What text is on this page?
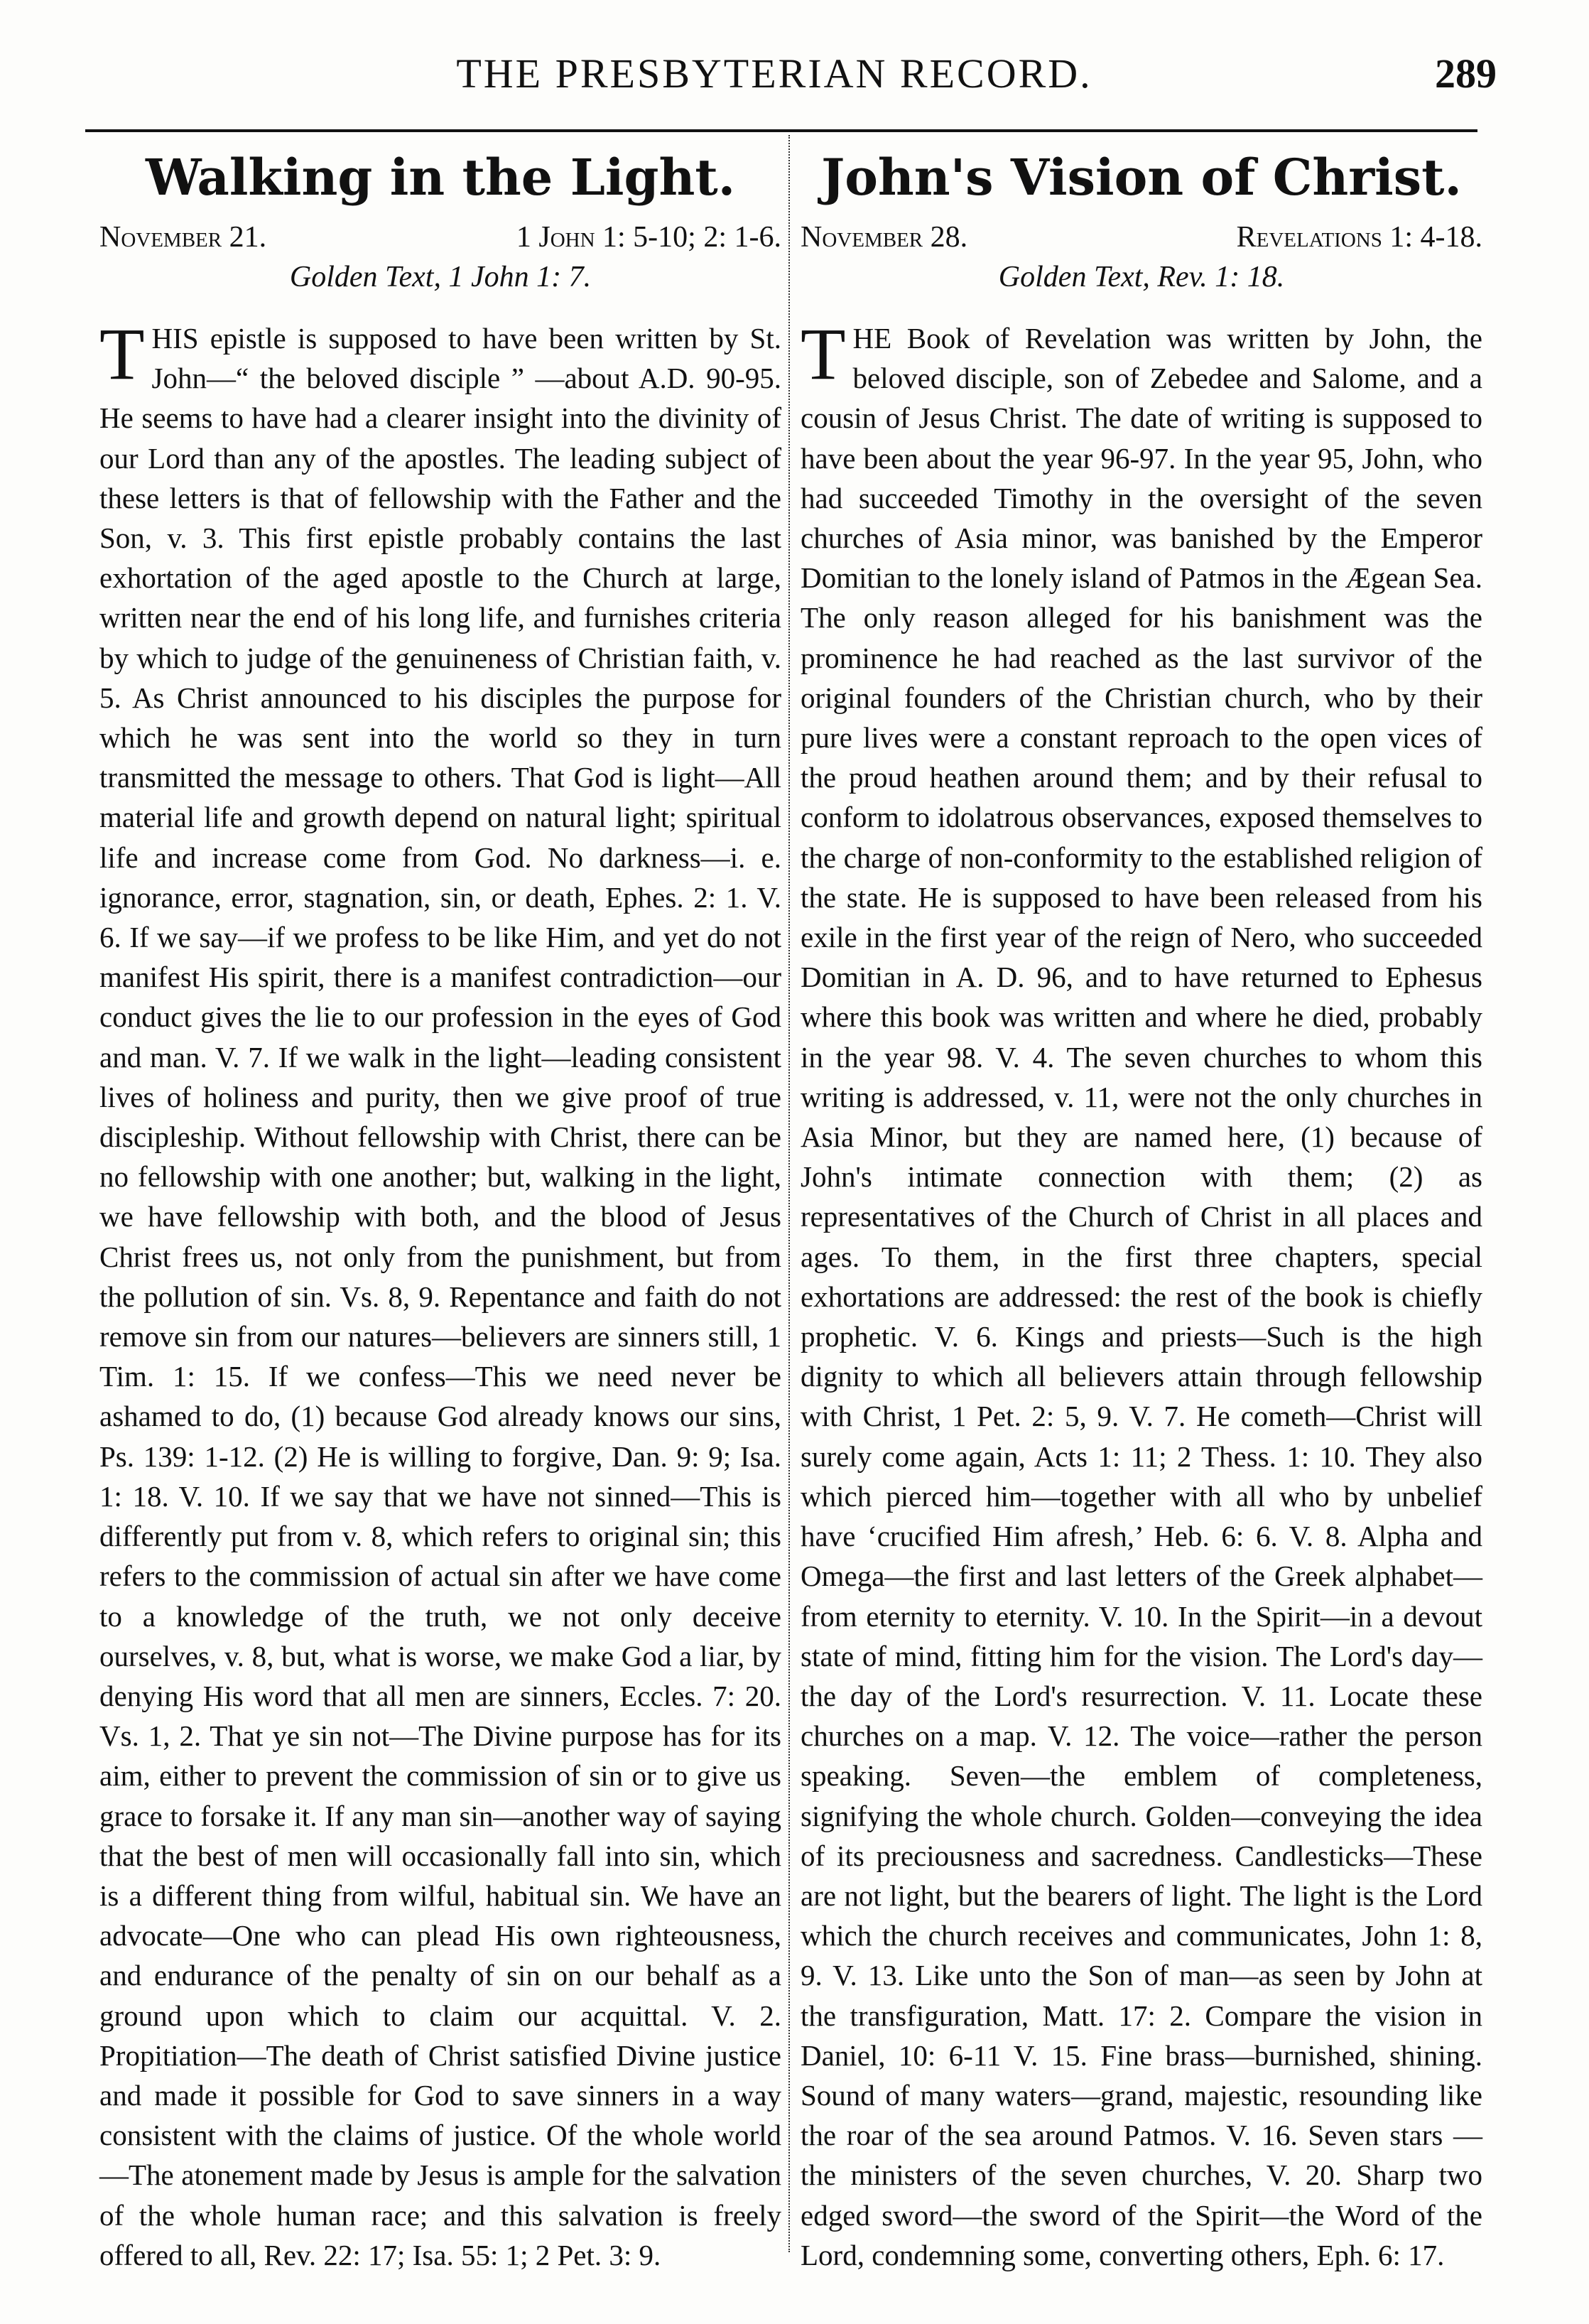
THE PRESBYTERIAN RECORD.	289
Walking in the Light.
November 21.	1 John 1: 5-10; 2: 1-6.
Golden Text, 1 John 1: 7.
T HIS epistle is supposed to have been written by St. John—“ the beloved disciple ” —about A.D. 90-95. He seems to have had a clearer insight into the divinity of our Lord than any of the apostles. The leading subject of these letters is that of fellowship with the Father and the Son, v. 3. This first epistle probably contains the last exhortation of the aged apostle to the Church at large, written near the end of his long life, and furnishes criteria by which to judge of the genuineness of Christian faith, v. 5. As Christ announced to his disciples the purpose for which he was sent into the world so they in turn transmitted the message to others. That God is light—All material life and growth depend on natural light; spiritual life and increase come from God. No darkness—i. e. ignorance, error, stagnation, sin, or death, Ephes. 2: 1. V. 6. If we say—if we profess to be like Him, and yet do not manifest His spirit, there is a manifest contradiction—our conduct gives the lie to our profession in the eyes of God and man. V. 7. If we walk in the light—leading consistent lives of holiness and purity, then we give proof of true discipleship. Without fellowship with Christ, there can be no fellowship with one another; but, walking in the light, we have fellowship with both, and the blood of Jesus Christ frees us, not only from the punishment, but from the pollution of sin. Vs. 8, 9. Repentance and faith do not remove sin from our natures—believers are sinners still, 1 Tim. 1: 15. If we confess—This we need never be ashamed to do, (1) because God already knows our sins, Ps. 139: 1-12. (2) He is willing to forgive, Dan. 9: 9; Isa. 1: 18. V. 10. If we say that we have not sinned—This is differently put from v. 8, which refers to original sin; this refers to the commission of actual sin after we have come to a knowledge of the truth, we not only deceive ourselves, v. 8, but, what is worse, we make God a liar, by denying His word that all men are sinners, Eccles. 7: 20. Vs. 1, 2. That ye sin not—The Divine purpose has for its aim, either to prevent the commission of sin or to give us grace to forsake it. If any man sin—another way of saying that the best of men will occasionally fall into sin, which is a different thing from wilful, habitual sin. We have an advocate—One who can plead His own righteousness, and endurance of the penalty of sin on our behalf as a ground upon which to claim our acquittal. V. 2. Propitiation—The death of Christ satisfied Divine justice and made it possible for God to save sinners in a way consistent with the claims of justice. Of the whole world—The atonement made by Jesus is ample for the salvation of the whole human race; and this salvation is freely offered to all, Rev. 22: 17; Isa. 55: 1; 2 Pet. 3: 9.
John's Vision of Christ.
November 28.	Revelations 1: 4-18.
Golden Text, Rev. 1: 18.
T HE Book of Revelation was written by John, the beloved disciple, son of Zebedee and Salome, and a cousin of Jesus Christ. The date of writing is supposed to have been about the year 96-97. In the year 95, John, who had succeeded Timothy in the oversight of the seven churches of Asia minor, was banished by the Emperor Domitian to the lonely island of Patmos in the Ægean Sea. The only reason alleged for his banishment was the prominence he had reached as the last survivor of the original founders of the Christian church, who by their pure lives were a constant reproach to the open vices of the proud heathen around them; and by their refusal to conform to idolatrous observances, exposed themselves to the charge of non-conformity to the established religion of the state. He is supposed to have been released from his exile in the first year of the reign of Nero, who succeeded Domitian in A. D. 96, and to have returned to Ephesus where this book was written and where he died, probably in the year 98. V. 4. The seven churches to whom this writing is addressed, v. 11, were not the only churches in Asia Minor, but they are named here, (1) because of John's intimate connection with them; (2) as representatives of the Church of Christ in all places and ages. To them, in the first three chapters, special exhortations are addressed: the rest of the book is chiefly prophetic. V. 6. Kings and priests—Such is the high dignity to which all believers attain through fellowship with Christ, 1 Pet. 2: 5, 9. V. 7. He cometh—Christ will surely come again, Acts 1: 11; 2 Thess. 1: 10. They also which pierced him—together with all who by unbelief have ‘crucified Him afresh,’ Heb. 6: 6. V. 8. Alpha and Omega—the first and last letters of the Greek alphabet—from eternity to eternity. V. 10. In the Spirit—in a devout state of mind, fitting him for the vision. The Lord's day—the day of the Lord's resurrection. V. 11. Locate these churches on a map. V. 12. The voice—rather the person speaking. Seven—the emblem of completeness, signifying the whole church. Golden—conveying the idea of its preciousness and sacredness. Candlesticks—These are not light, but the bearers of light. The light is the Lord which the church receives and communicates, John 1: 8, 9. V. 13. Like unto the Son of man—as seen by John at the transfiguration, Matt. 17: 2. Compare the vision in Daniel, 10: 6-11 V. 15. Fine brass—burnished, shining. Sound of many waters—grand, majestic, resounding like the roar of the sea around Patmos. V. 16. Seven stars — the ministers of the seven churches, V. 20. Sharp two edged sword—the sword of the Spirit—the Word of the Lord, condemning some, converting others, Eph. 6: 17.
